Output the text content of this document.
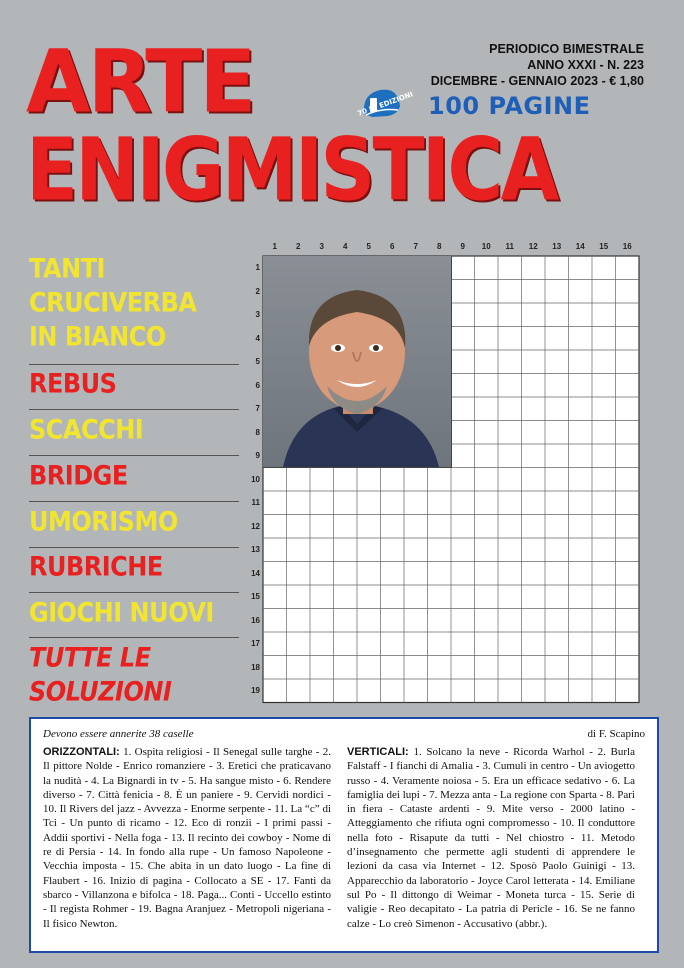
ARTE
ENIGMISTICA
PERIODICO BIMESTRALE
ANNO XXXI - N. 223
DICEMBRE - GENNAIO 2023 - € 1,80
70 DI EDIZIONI 100 PAGINE
TANTI
CRUCIVERBA
IN BIANCO
REBUS
SCACCHI
BRIDGE
UMORISMO
RUBRICHE
GIOCHI NUOVI
TUTTE LE
SOLUZIONI
1	2	3	4	5	6	7	8	9	10	11	12	13	14	15	16
1
2
3
4
5
6
7
8
9
10
11
12
13
14
15
16
17
18
19
Devono essere annerite 38 caselle	di F. Scapino
ORIZZONTALI: 1. Ospita religiosi - Il Senegal sulle targhe - 2. Il pittore Nolde - Enrico romanziere - 3. Eretici che praticavano la nudità - 4. La Bignardi in tv - 5. Ha sangue misto - 6. Rendere diverso - 7. Città fenicia - 8. È un paniere - 9. Cervidi nordici - 10. Il Rivers del jazz - Avvezza - Enorme serpente - 11. La “c” di Tci - Un punto di ricamo - 12. Eco di ronzii - I primi passi - Addii sportivi - Nella foga - 13. Il recinto dei cowboy - Nome di re di Persia - 14. In fondo alla rupe - Un famoso Napoleone - Vecchia imposta - 15. Che abita in un dato luogo - La fine di Flaubert - 16. Inizio di pagina - Collocato a SE - 17. Fanti da sbarco - Villanzona e bifolca - 18. Paga... Conti - Uccello estinto - Il regista Rohmer - 19. Bagna Aranjuez - Metropoli nigeriana - Il fisico Newton.
VERTICALI: 1. Solcano la neve - Ricorda Warhol - 2. Burla Falstaff - I fianchi di Amalia - 3. Cumuli in centro - Un aviogetto russo - 4. Veramente noiosa - 5. Era un efficace sedativo - 6. La famiglia dei lupi - 7. Mezza anta - La regione con Sparta - 8. Pari in fiera - Cataste ardenti - 9. Mite verso - 2000 latino - Atteggiamento che rifiuta ogni compromesso - 10. Il conduttore nella foto - Risapute da tutti - Nel chiostro - 11. Metodo d’insegnamento che permette agli studenti di apprendere le lezioni da casa via Internet - 12. Sposò Paolo Guinigi - 13. Apparecchio da laboratorio - Joyce Carol letterata - 14. Emiliane sul Po - Il dittongo di Weimar - Moneta turca - 15. Serie di valigie - Reo decapitato - La patria di Pericle - 16. Se ne fanno calze - Lo creò Simenon - Accusativo (abbr.).
